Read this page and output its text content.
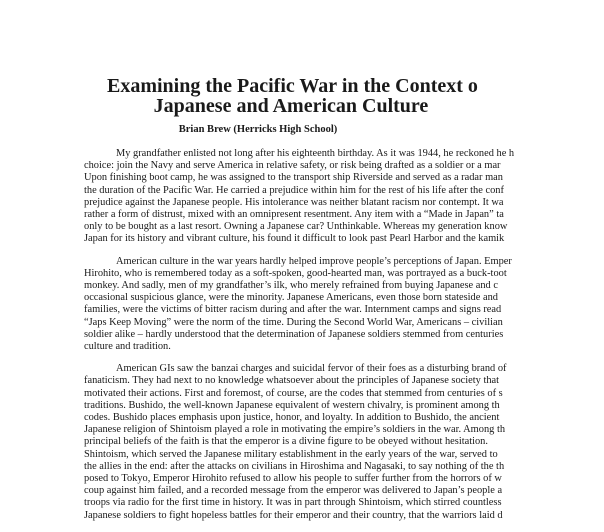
Examining the Pacific War in the Context o
Japanese and American Culture
Brian Brew (Herricks High School)

My grandfather enlisted not long after his eighteenth birthday. As it was 1944, he reckoned he h
choice: join the Navy and serve America in relative safety, or risk being drafted as a soldier or a mar
Upon finishing boot camp, he was assigned to the transport ship Riverside and served as a radar man
the duration of the Pacific War. He carried a prejudice within him for the rest of his life after the conf
prejudice against the Japanese people. His intolerance was neither blatant racism nor contempt. It wa
rather a form of distrust, mixed with an omnipresent resentment. Any item with a “Made in Japan” ta
only to be bought as a last resort. Owning a Japanese car? Unthinkable. Whereas my generation know
Japan for its history and vibrant culture, his found it difficult to look past Pearl Harbor and the kamik

American culture in the war years hardly helped improve people’s perceptions of Japan. Emper
Hirohito, who is remembered today as a soft-spoken, good-hearted man, was portrayed as a buck-toot
monkey. And sadly, men of my grandfather’s ilk, who merely refrained from buying Japanese and c
occasional suspicious glance, were the minority. Japanese Americans, even those born stateside and
families, were the victims of bitter racism during and after the war. Internment camps and signs read
“Japs Keep Moving” were the norm of the time. During the Second World War, Americans – civilian
soldier alike – hardly understood that the determination of Japanese soldiers stemmed from centuries
culture and tradition.

American GIs saw the banzai charges and suicidal fervor of their foes as a disturbing brand of
fanaticism. They had next to no knowledge whatsoever about the principles of Japanese society that
motivated their actions. First and foremost, of course, are the codes that stemmed from centuries of s
traditions. Bushido, the well-known Japanese equivalent of western chivalry, is prominent among th
codes. Bushido places emphasis upon justice, honor, and loyalty. In addition to Bushido, the ancient
Japanese religion of Shintoism played a role in motivating the empire’s soldiers in the war. Among th
principal beliefs of the faith is that the emperor is a divine figure to be obeyed without hesitation.
Shintoism, which served the Japanese military establishment in the early years of the war, served to
the allies in the end: after the attacks on civilians in Hiroshima and Nagasaki, to say nothing of the th
posed to Tokyo, Emperor Hirohito refused to allow his people to suffer further from the horrors of w
coup against him failed, and a recorded message from the emperor was delivered to Japan’s people a
troops via radio for the first time in history. It was in part through Shintoism, which stirred countless
Japanese soldiers to fight hopeless battles for their emperor and their country, that the warriors laid d
